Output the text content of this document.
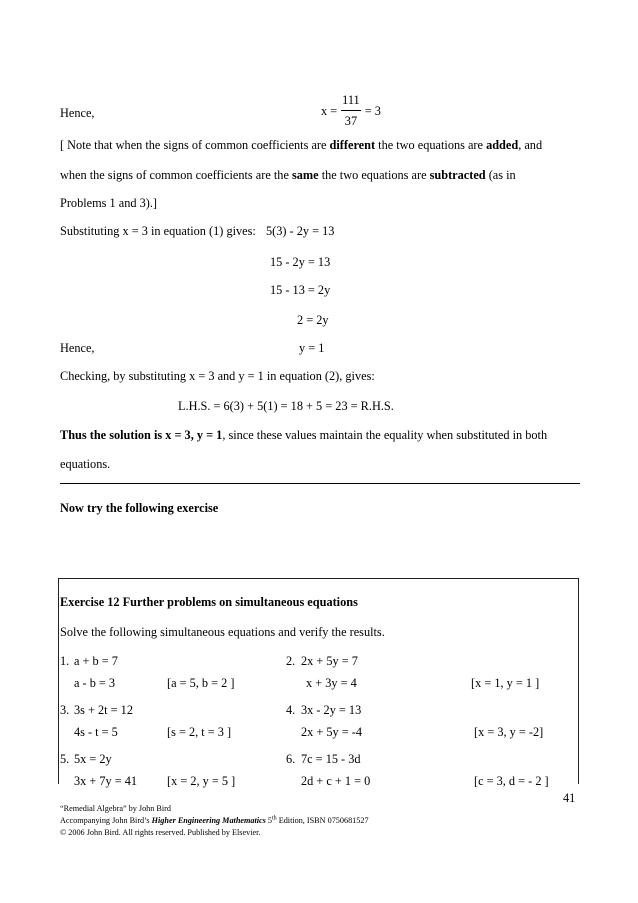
Hence,	$x = \frac{111}{37} = 3$
[ Note that when the signs of common coefficients are different the two equations are added, and
when the signs of common coefficients are the same the two equations are subtracted (as in
Problems 1 and 3).]
Substituting x = 3 in equation (1) gives: 5(3) - 2y = 13
15 - 2y = 13
15 - 13 = 2y
2 = 2y
Hence,	y = 1
Checking, by substituting x = 3 and y = 1 in equation (2), gives:
L.H.S. = 6(3) + 5(1) = 18 + 5 = 23 = R.H.S.
Thus the solution is x = 3, y = 1, since these values maintain the equality when substituted in both
equations.
Now try the following exercise
Exercise 12 Further problems on simultaneous equations
Solve the following simultaneous equations and verify the results.
1. a + b = 7
a - b = 3	[a = 5, b = 2 ]
2. 2x + 5y = 7
x + 3y = 4	[x = 1, y = 1 ]
3. 3s + 2t = 12
4s - t = 5	[s = 2, t = 3 ]
4. 3x - 2y = 13
2x + 5y = -4	[x = 3, y = -2]
5. 5x = 2y
3x + 7y = 41 [x = 2, y = 5 ]
6. 7c = 15 - 3d
2d + c + 1 = 0	[c = 3, d = - 2 ]
41
“Remedial Algebra” by John Bird
Accompanying John Bird’s Higher Engineering Mathematics 5th Edition, ISBN 0750681527
© 2006 John Bird. All rights reserved. Published by Elsevier.
